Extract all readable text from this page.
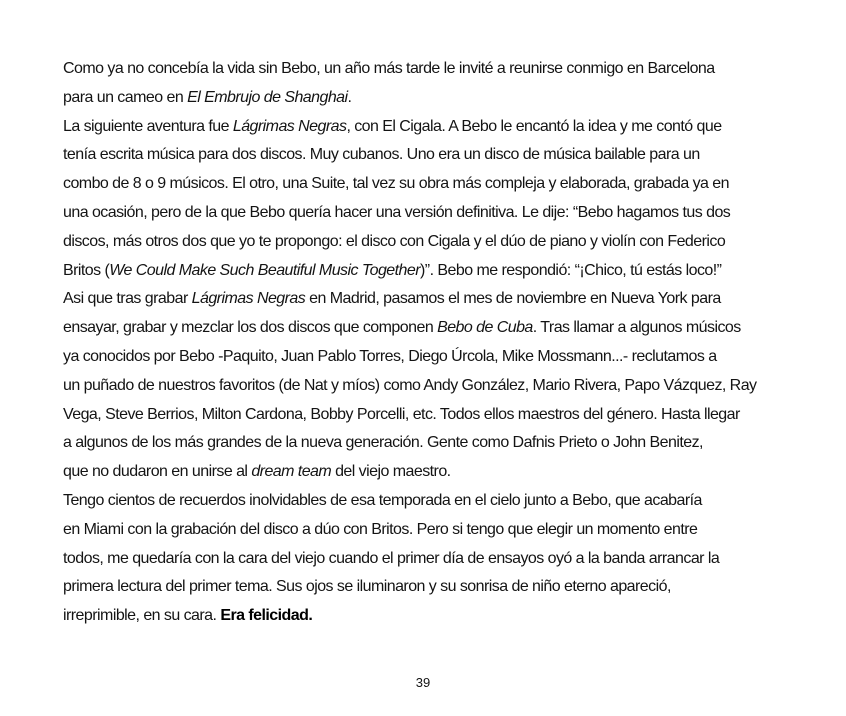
Como ya no concebía la vida sin Bebo, un año más tarde le invité a reunirse conmigo en Barcelona
para un cameo en El Embrujo de Shanghai.
La siguiente aventura fue Lágrimas Negras, con El Cigala. A Bebo le encantó la idea y me contó que
tenía escrita música para dos discos. Muy cubanos. Uno era un disco de música bailable para un
combo de 8 o 9 músicos. El otro, una Suite, tal vez su obra más compleja y elaborada, grabada ya en
una ocasión, pero de la que Bebo quería hacer una versión definitiva. Le dije: “Bebo hagamos tus dos
discos, más otros dos que yo te propongo: el disco con Cigala y el dúo de piano y violín con Federico
Britos (We Could Make Such Beautiful Music Together)”. Bebo me respondió: “¡Chico, tú estás loco!”
Asi que tras grabar Lágrimas Negras en Madrid, pasamos el mes de noviembre en Nueva York para
ensayar, grabar y mezclar los dos discos que componen Bebo de Cuba. Tras llamar a algunos músicos
ya conocidos por Bebo -Paquito, Juan Pablo Torres, Diego Úrcola, Mike Mossmann...- reclutamos a
un puñado de nuestros favoritos (de Nat y míos) como Andy González, Mario Rivera, Papo Vázquez, Ray
Vega, Steve Berrios, Milton Cardona, Bobby Porcelli, etc. Todos ellos maestros del género. Hasta llegar
a algunos de los más grandes de la nueva generación. Gente como Dafnis Prieto o John Benitez,
que no dudaron en unirse al dream team del viejo maestro.
Tengo cientos de recuerdos inolvidables de esa temporada en el cielo junto a Bebo, que acabaría
en Miami con la grabación del disco a dúo con Britos. Pero si tengo que elegir un momento entre
todos, me quedaría con la cara del viejo cuando el primer día de ensayos oyó a la banda arrancar la
primera lectura del primer tema. Sus ojos se iluminaron y su sonrisa de niño eterno apareció,
irreprimible, en su cara. Era felicidad.
39
